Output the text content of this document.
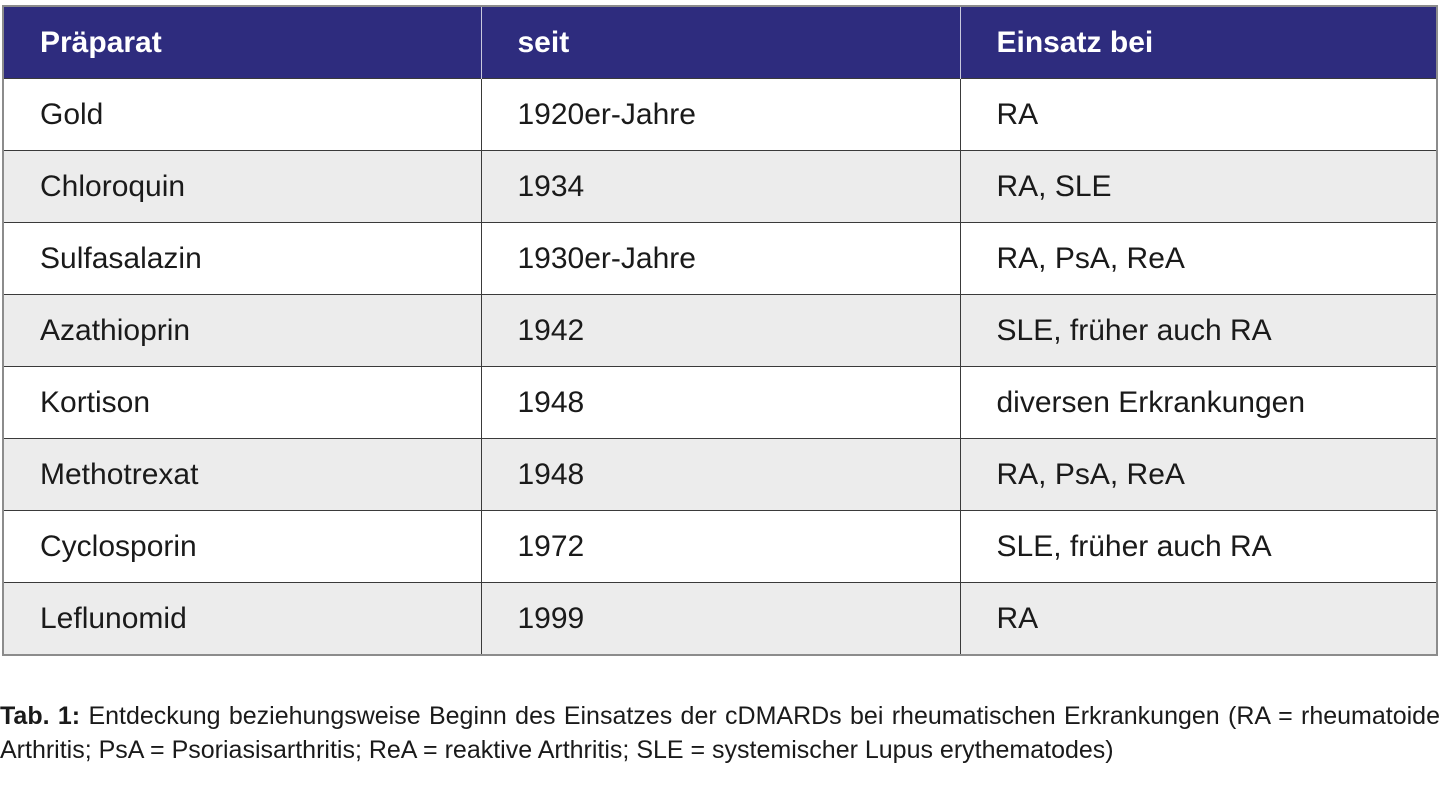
Präparat	seit	Einsatz bei
Gold	1920er-Jahre	RA
Chloroquin	1934	RA, SLE
Sulfasalazin	1930er-Jahre	RA, PsA, ReA
Azathioprin	1942	SLE, früher auch RA
Kortison	1948	diversen Erkrankungen
Methotrexat	1948	RA, PsA, ReA
Cyclosporin	1972	SLE, früher auch RA
Leflunomid	1999	RA

Tab. 1: Entdeckung beziehungsweise Beginn des Einsatzes der cDMARDs bei rheumatischen Erkrankungen (RA = rheumatoide Arthritis; PsA = Psoriasisarthritis; ReA = reaktive Arthritis; SLE = systemischer Lupus erythematodes)
